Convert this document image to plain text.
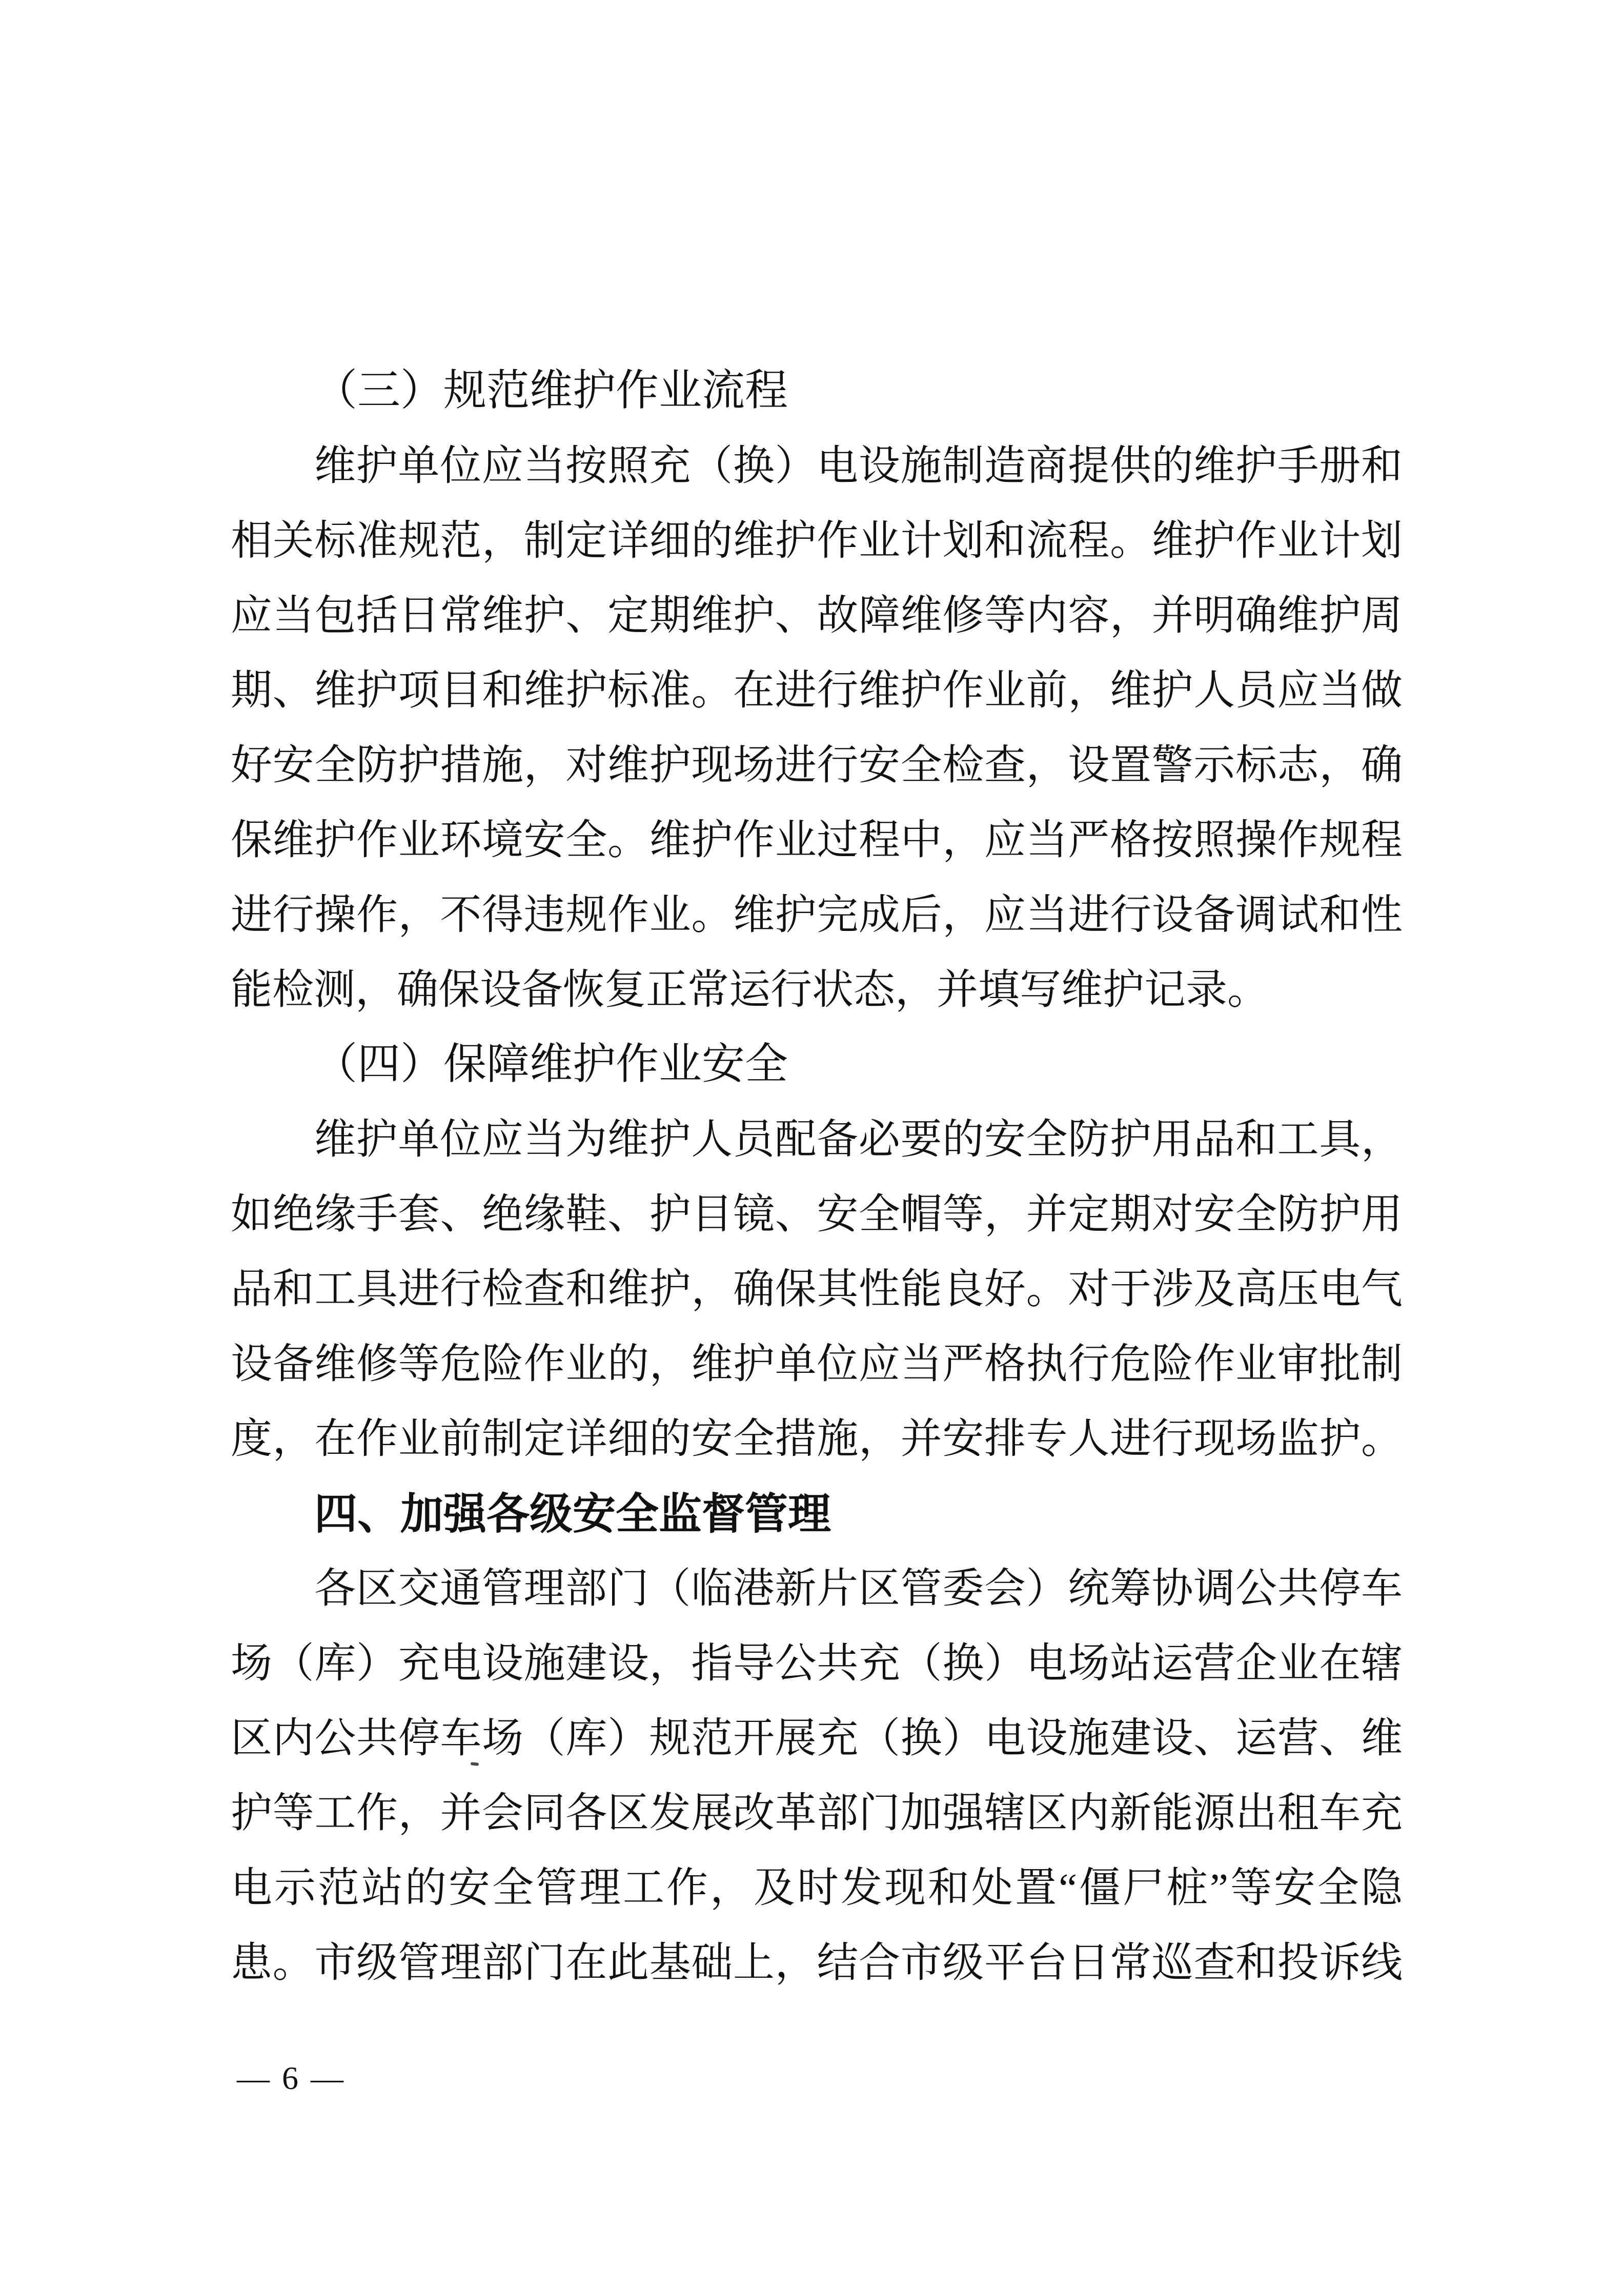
（三）规范维护作业流程
维护单位应当按照充（换）电设施制造商提供的维护手册和
相关标准规范，制定详细的维护作业计划和流程。维护作业计划
应当包括日常维护、定期维护、故障维修等内容，并明确维护周
期、维护项目和维护标准。在进行维护作业前，维护人员应当做
好安全防护措施，对维护现场进行安全检查，设置警示标志，确
保维护作业环境安全。维护作业过程中，应当严格按照操作规程
进行操作，不得违规作业。维护完成后，应当进行设备调试和性
能检测，确保设备恢复正常运行状态，并填写维护记录。
（四）保障维护作业安全
维护单位应当为维护人员配备必要的安全防护用品和工具，
如绝缘手套、绝缘鞋、护目镜、安全帽等，并定期对安全防护用
品和工具进行检查和维护，确保其性能良好。对于涉及高压电气
设备维修等危险作业的，维护单位应当严格执行危险作业审批制
度，在作业前制定详细的安全措施，并安排专人进行现场监护。
四、加强各级安全监督管理
各区交通管理部门（临港新片区管委会）统筹协调公共停车
场（库）充电设施建设，指导公共充（换）电场站运营企业在辖
区内公共停车场（库）规范开展充（换）电设施建设、运营、维
护等工作，并会同各区发展改革部门加强辖区内新能源出租车充
电示范站的安全管理工作，及时发现和处置“僵尸桩”等安全隐
患。市级管理部门在此基础上，结合市级平台日常巡查和投诉线
— 6 —
